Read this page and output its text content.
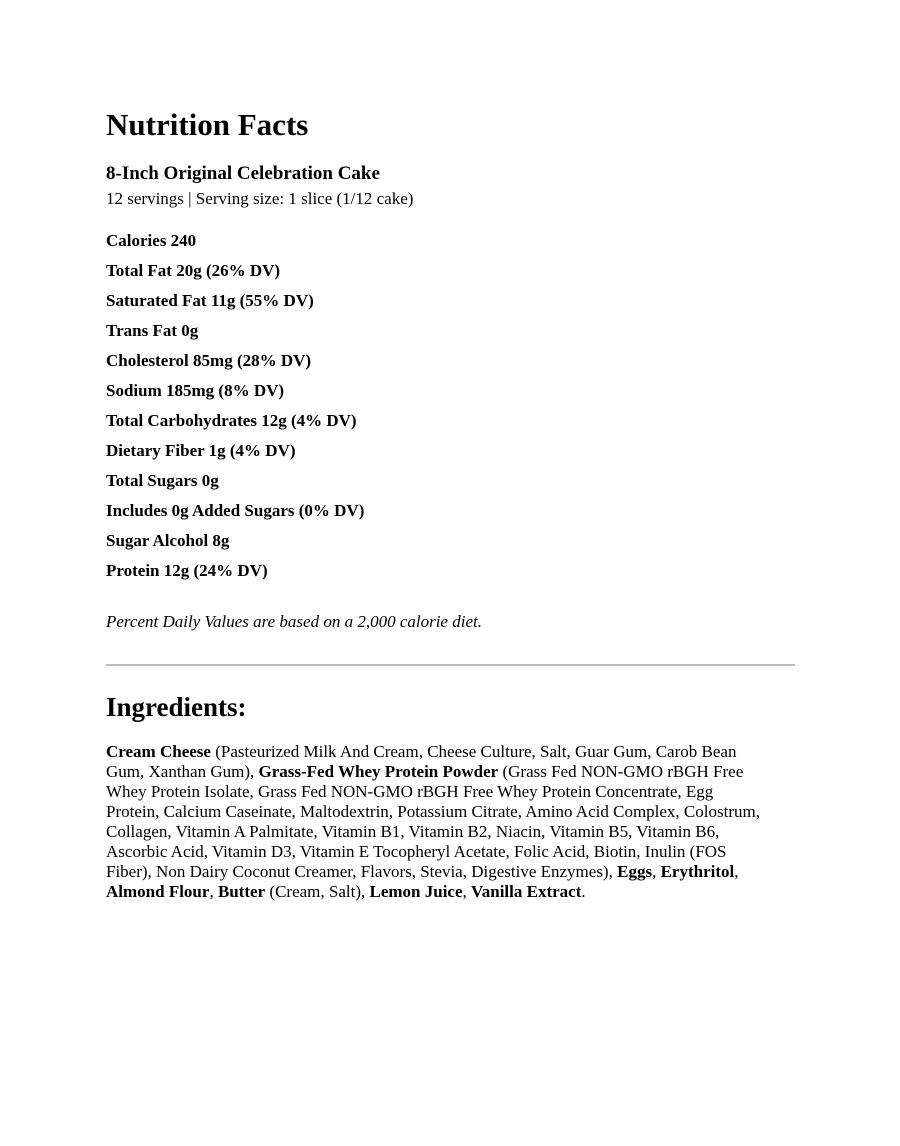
Nutrition Facts
8-Inch Original Celebration Cake
12 servings | Serving size: 1 slice (1/12 cake)
Calories 240
Total Fat 20g (26% DV)
Saturated Fat 11g (55% DV)
Trans Fat 0g
Cholesterol 85mg (28% DV)
Sodium 185mg (8% DV)
Total Carbohydrates 12g (4% DV)
Dietary Fiber 1g (4% DV)
Total Sugars 0g
Includes 0g Added Sugars (0% DV)
Sugar Alcohol 8g
Protein 12g (24% DV)

Percent Daily Values are based on a 2,000 calorie diet.

Ingredients:
Cream Cheese (Pasteurized Milk And Cream, Cheese Culture, Salt, Guar Gum, Carob Bean
Gum, Xanthan Gum), Grass-Fed Whey Protein Powder (Grass Fed NON-GMO rBGH Free
Whey Protein Isolate, Grass Fed NON-GMO rBGH Free Whey Protein Concentrate, Egg
Protein, Calcium Caseinate, Maltodextrin, Potassium Citrate, Amino Acid Complex, Colostrum,
Collagen, Vitamin A Palmitate, Vitamin B1, Vitamin B2, Niacin, Vitamin B5, Vitamin B6,
Ascorbic Acid, Vitamin D3, Vitamin E Tocopheryl Acetate, Folic Acid, Biotin, Inulin (FOS
Fiber), Non Dairy Coconut Creamer, Flavors, Stevia, Digestive Enzymes), Eggs, Erythritol,
Almond Flour, Butter (Cream, Salt), Lemon Juice, Vanilla Extract.
